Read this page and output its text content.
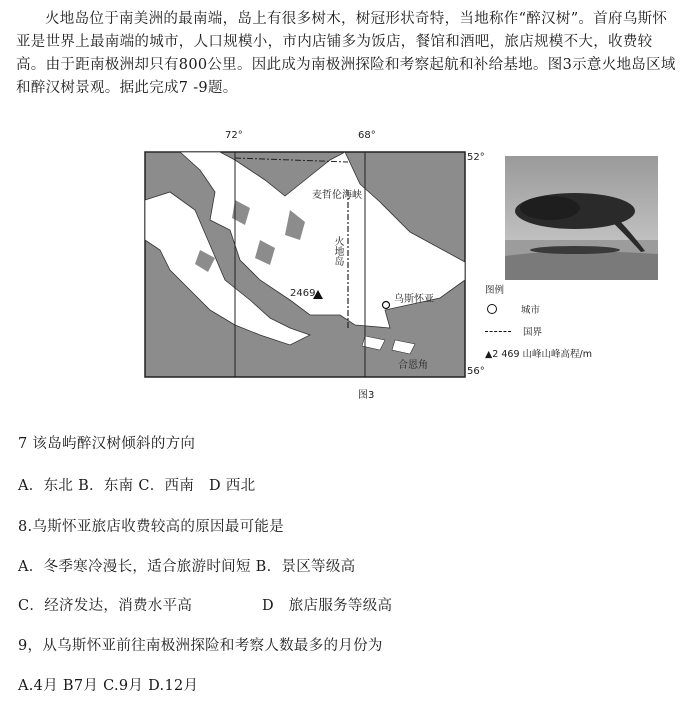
火地岛位于南美洲的最南端，岛上有很多树木，树冠形状奇特，当地称作“醉汉树”。首府乌斯怀亚是世界上最南端的城市，人口规模小，市内店铺多为饭店，餐馆和酒吧，旅店规模不大，收费较高。由于距南极洲却只有800公里。因此成为南极洲探险和考察起航和补给基地。图3示意火地岛区域和醉汉树景观。据此完成7 -9题。
72°	68°
52°
56°
麦哲伦海峡
火地岛
2469
乌斯怀亚
合恩角
图例
城市
国界
▲2 469 山峰山峰高程/m
图3
7 该岛屿醉汉树倾斜的方向
A．东北 B．东南 C．西南　D 西北
8.乌斯怀亚旅店收费较高的原因最可能是
A．冬季寒冷漫长，适合旅游时间短 B．景区等级高
C．经济发达，消费水平高	D　旅店服务等级高
9，从乌斯怀亚前往南极洲探险和考察人数最多的月份为
A.4月 B7月 C.9月 D.12月
